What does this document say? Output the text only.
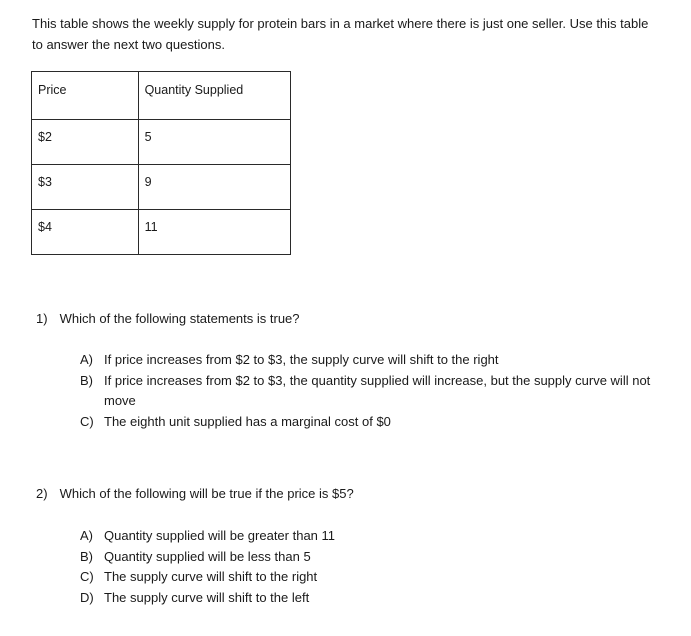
This table shows the weekly supply for protein bars in a market where there is just one seller. Use this table to answer the next two questions.
Price	Quantity Supplied

$2	5

$3	9

$4	11
1) Which of the following statements is true?
A) If price increases from $2 to $3, the supply curve will shift to the right
B) If price increases from $2 to $3, the quantity supplied will increase, but the supply curve will not move
C) The eighth unit supplied has a marginal cost of $0
2) Which of the following will be true if the price is $5?
A) Quantity supplied will be greater than 11
B) Quantity supplied will be less than 5
C) The supply curve will shift to the right
D) The supply curve will shift to the left
